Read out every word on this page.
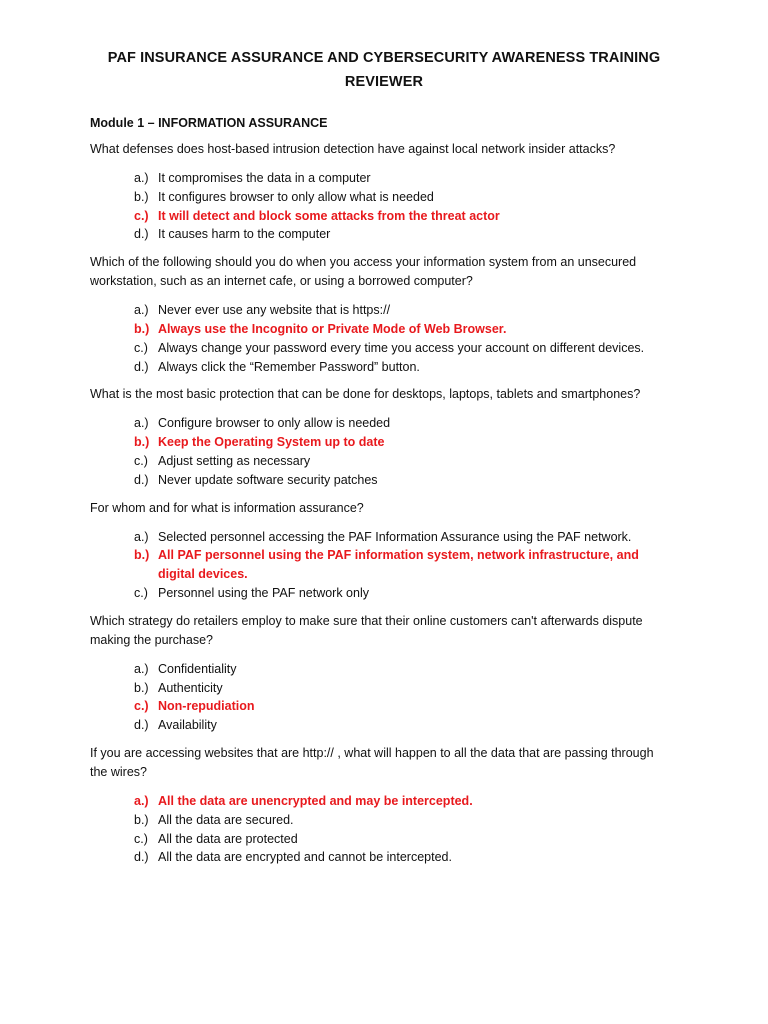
PAF INSURANCE ASSURANCE AND CYBERSECURITY AWARENESS TRAINING REVIEWER
Module 1 – INFORMATION ASSURANCE
What defenses does host-based intrusion detection have against local network insider attacks?
a.) It compromises the data in a computer
b.) It configures browser to only allow what is needed
c.) It will detect and block some attacks from the threat actor
d.) It causes harm to the computer
Which of the following should you do when you access your information system from an unsecured workstation, such as an internet cafe, or using a borrowed computer?
a.) Never ever use any website that is https://
b.) Always use the Incognito or Private Mode of Web Browser.
c.) Always change your password every time you access your account on different devices.
d.) Always click the “Remember Password” button.
What is the most basic protection that can be done for desktops, laptops, tablets and smartphones?
a.) Configure browser to only allow is needed
b.) Keep the Operating System up to date
c.) Adjust setting as necessary
d.) Never update software security patches
For whom and for what is information assurance?
a.) Selected personnel accessing the PAF Information Assurance using the PAF network.
b.) All PAF personnel using the PAF information system, network infrastructure, and digital devices.
c.) Personnel using the PAF network only
Which strategy do retailers employ to make sure that their online customers can't afterwards dispute making the purchase?
a.) Confidentiality
b.) Authenticity
c.) Non-repudiation
d.) Availability
If you are accessing websites that are http:// , what will happen to all the data that are passing through the wires?
a.) All the data are unencrypted and may be intercepted.
b.) All the data are secured.
c.) All the data are protected
d.) All the data are encrypted and cannot be intercepted.
